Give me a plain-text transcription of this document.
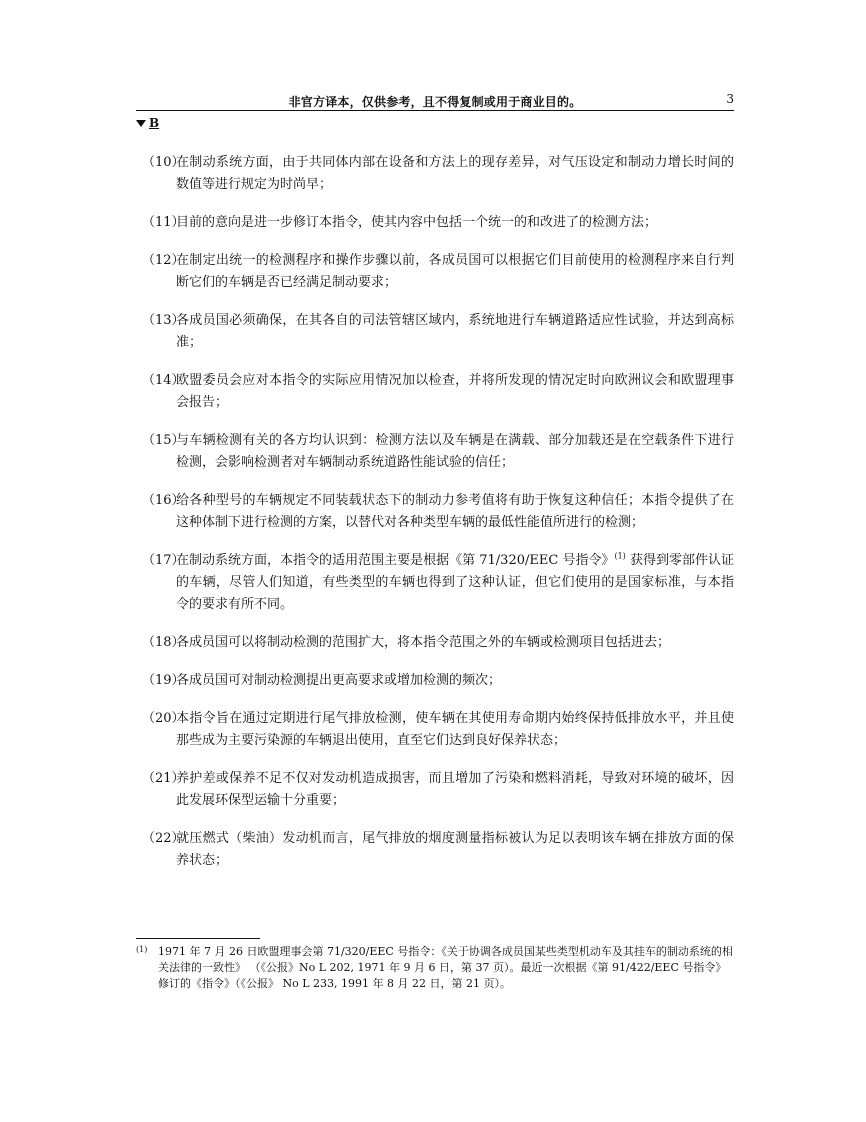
非官方译本，仅供参考，且不得复制或用于商业目的。	3
B
（10）
在制动系统方面，由于共同体内部在设备和方法上的现存差异，对气压设定和制动力增长时间的数值等进行规定为时尚早；
（11）
目前的意向是进一步修订本指令，使其内容中包括一个统一的和改进了的检测方法；
（12）
在制定出统一的检测程序和操作步骤以前，各成员国可以根据它们目前使用的检测程序来自行判断它们的车辆是否已经满足制动要求；
（13）
各成员国必须确保，在其各自的司法管辖区域内，系统地进行车辆道路适应性试验，并达到高标准；
（14）
欧盟委员会应对本指令的实际应用情况加以检查，并将所发现的情况定时向欧洲议会和欧盟理事会报告；
（15）
与车辆检测有关的各方均认识到：检测方法以及车辆是在满载、部分加载还是在空载条件下进行检测，会影响检测者对车辆制动系统道路性能试验的信任；
（16）
给各种型号的车辆规定不同装载状态下的制动力参考值将有助于恢复这种信任；本指令提供了在这种体制下进行检测的方案，以替代对各种类型车辆的最低性能值所进行的检测；
（17）
在制动系统方面，本指令的适用范围主要是根据《第 71/320/EEC 号指令》$^{(1)}$ 获得到零部件认证的车辆，尽管人们知道，有些类型的车辆也得到了这种认证，但它们使用的是国家标准，与本指令的要求有所不同。
（18）
各成员国可以将制动检测的范围扩大，将本指令范围之外的车辆或检测项目包括进去；
（19）
各成员国可对制动检测提出更高要求或增加检测的频次；
（20）
本指令旨在通过定期进行尾气排放检测，使车辆在其使用寿命期内始终保持低排放水平，并且使那些成为主要污染源的车辆退出使用，直至它们达到良好保养状态；
（21）
养护差或保养不足不仅对发动机造成损害，而且增加了污染和燃料消耗，导致对环境的破坏，因此发展环保型运输十分重要；
（22）
就压燃式（柴油）发动机而言，尾气排放的烟度测量指标被认为足以表明该车辆在排放方面的保养状态；
(1) 1971 年 7 月 26 日欧盟理事会第 71/320/EEC 号指令：《关于协调各成员国某些类型机动车及其挂车的制动系统的相关法律的一致性》 （《公报》No L 202, 1971 年 9 月 6 日，第 37 页）。最近一次根据《第 91/422/EEC 号指令》修订的《指令》（《公报》 No L 233, 1991 年 8 月 22 日，第 21 页）。
